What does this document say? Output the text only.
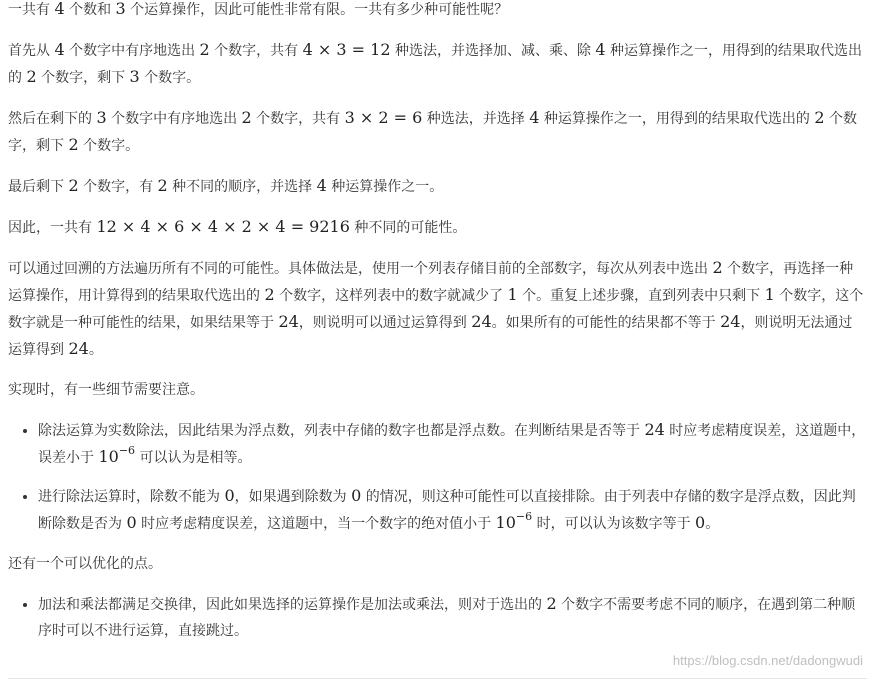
一共有 4 个数和 3 个运算操作，因此可能性非常有限。一共有多少种可能性呢？

首先从 4 个数字中有序地选出 2 个数字，共有 4 × 3 = 12 种选法，并选择加、减、乘、除 4 种运算操作之一，用得到的结果取代选出的 2 个数字，剩下 3 个数字。

然后在剩下的 3 个数字中有序地选出 2 个数字，共有 3 × 2 = 6 种选法，并选择 4 种运算操作之一，用得到的结果取代选出的 2 个数字，剩下 2 个数字。

最后剩下 2 个数字，有 2 种不同的顺序，并选择 4 种运算操作之一。

因此，一共有 12 × 4 × 6 × 4 × 2 × 4 = 9216 种不同的可能性。

可以通过回溯的方法遍历所有不同的可能性。具体做法是，使用一个列表存储目前的全部数字，每次从列表中选出 2 个数字，再选择一种运算操作，用计算得到的结果取代选出的 2 个数字，这样列表中的数字就减少了 1 个。重复上述步骤，直到列表中只剩下 1 个数字，这个数字就是一种可能性的结果，如果结果等于 24，则说明可以通过运算得到 24。如果所有的可能性的结果都不等于 24，则说明无法通过运算得到 24。

实现时，有一些细节需要注意。

• 除法运算为实数除法，因此结果为浮点数，列表中存储的数字也都是浮点数。在判断结果是否等于 24 时应考虑精度误差，这道题中，误差小于 $10^{-6}$ 可以认为是相等。
• 进行除法运算时，除数不能为 0，如果遇到除数为 0 的情况，则这种可能性可以直接排除。由于列表中存储的数字是浮点数，因此判断除数是否为 0 时应考虑精度误差，这道题中，当一个数字的绝对值小于 $10^{-6}$ 时，可以认为该数字等于 0。

还有一个可以优化的点。

• 加法和乘法都满足交换律，因此如果选择的运算操作是加法或乘法，则对于选出的 2 个数字不需要考虑不同的顺序，在遇到第二种顺序时可以不进行运算，直接跳过。
https://blog.csdn.net/dadongwudi
